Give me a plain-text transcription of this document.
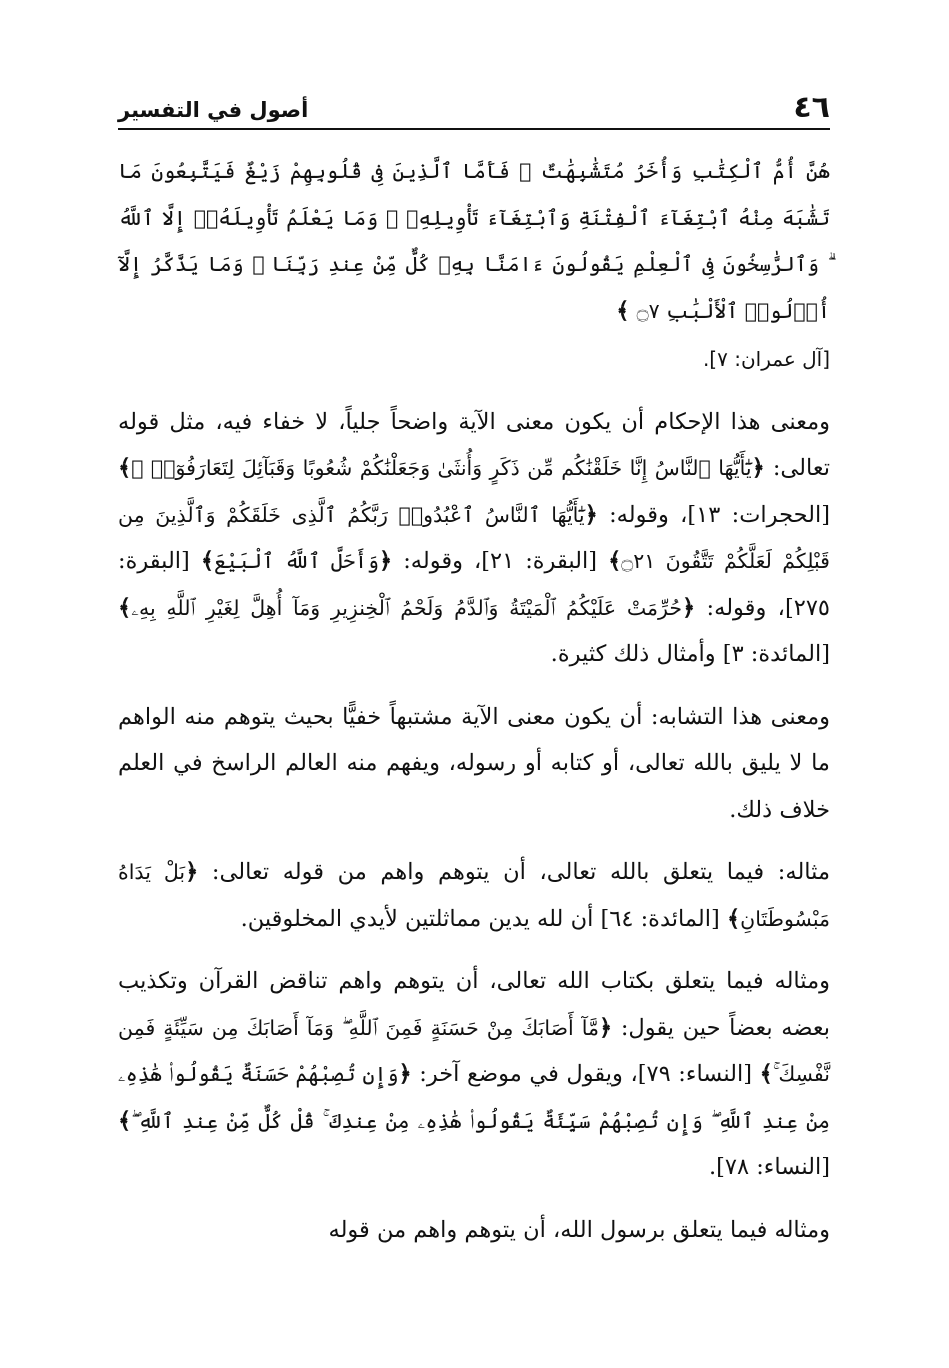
٤٦
أصول في التفسير

هُنَّ أُمُّ ٱلْكِتَٰبِ وَأُخَرُ مُتَشَٰبِهَٰتٌ ۖ فَأَمَّا ٱلَّذِينَ فِى قُلُوبِهِمْ زَيْغٌ فَيَتَّبِعُونَ مَا تَشَٰبَهَ مِنْهُ ٱبْتِغَآءَ ٱلْفِتْنَةِ وَٱبْتِغَآءَ تَأْوِيلِهِۦ ۗ وَمَا يَعْلَمُ تَأْوِيلَهُۥٓ إِلَّا ٱللَّهُ ۗ وَٱلرَّٰسِخُونَ فِى ٱلْعِلْمِ يَقُولُونَ ءَامَنَّا بِهِۦ كُلٌّ مِّنْ عِندِ رَبِّنَا ۗ وَمَا يَذَّكَّرُ إِلَّآ أُو۟لُوا۟ ٱلْأَلْبَٰبِ ۝٧ ﴾

[آل عمران: ٧].

ومعنى هذا الإحكام أن يكون معنى الآية واضحاً جلياً، لا خفاء فيه، مثل قوله تعالى: ﴿يَٰٓأَيُّهَا ٱلنَّاسُ إِنَّا خَلَقْنَٰكُم مِّن ذَكَرٍ وَأُنثَىٰ وَجَعَلْنَٰكُمْ شُعُوبًا وَقَبَآئِلَ لِتَعَارَفُوٓا۟ ۚ﴾ [الحجرات: ١٣]، وقوله: ﴿يَٰٓأَيُّهَا ٱلنَّاسُ ٱعْبُدُوا۟ رَبَّكُمُ ٱلَّذِى خَلَقَكُمْ وَٱلَّذِينَ مِن قَبْلِكُمْ لَعَلَّكُمْ تَتَّقُونَ ۝٢١﴾ [البقرة: ٢١]، وقوله: ﴿وَأَحَلَّ ٱللَّهُ ٱلْبَيْعَ﴾ [البقرة: ٢٧٥]، وقوله: ﴿حُرِّمَتْ عَلَيْكُمُ ٱلْمَيْتَةُ وَٱلدَّمُ وَلَحْمُ ٱلْخِنزِيرِ وَمَآ أُهِلَّ لِغَيْرِ ٱللَّهِ بِهِۦ﴾ [المائدة: ٣] وأمثال ذلك كثيرة.

ومعنى هذا التشابه: أن يكون معنى الآية مشتبهاً خفيًّا بحيث يتوهم منه الواهم ما لا يليق بالله تعالى، أو كتابه أو رسوله، ويفهم منه العالم الراسخ في العلم خلاف ذلك.

مثاله: فيما يتعلق بالله تعالى، أن يتوهم واهم من قوله تعالى: ﴿بَلْ يَدَاهُ مَبْسُوطَتَانِ﴾ [المائدة: ٦٤] أن لله يدين مماثلتين لأيدي المخلوقين.

ومثاله فيما يتعلق بكتاب الله تعالى، أن يتوهم واهم تناقض القرآن وتكذيب بعضه بعضاً حين يقول: ﴿مَّآ أَصَابَكَ مِنْ حَسَنَةٍ فَمِنَ ٱللَّهِ ۖ وَمَآ أَصَابَكَ مِن سَيِّئَةٍ فَمِن نَّفْسِكَ ۚ﴾ [النساء: ٧٩]، ويقول في موضع آخر: ﴿وَإِن تُصِبْهُمْ حَسَنَةٌ يَقُولُوا۟ هَٰذِهِۦ مِنْ عِندِ ٱللَّهِ ۖ وَإِن تُصِبْهُمْ سَيِّئَةٌ يَقُولُوا۟ هَٰذِهِۦ مِنْ عِندِكَ ۚ قُلْ كُلٌّ مِّنْ عِندِ ٱللَّهِ ۖ﴾ [النساء: ٧٨].

ومثاله فيما يتعلق برسول الله، أن يتوهم واهم من قوله
